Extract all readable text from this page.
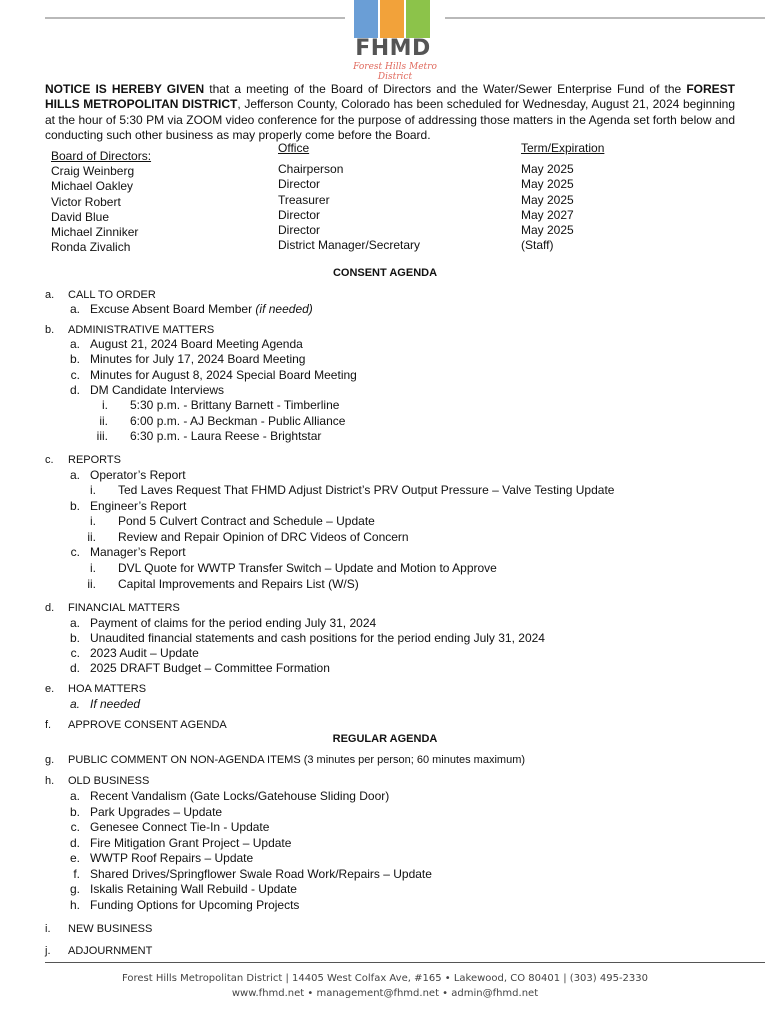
FHMD
Forest Hills Metro District
NOTICE IS HEREBY GIVEN that a meeting of the Board of Directors and the Water/Sewer Enterprise Fund of the FOREST HILLS METROPOLITAN DISTRICT, Jefferson County, Colorado has been scheduled for Wednesday, August 21, 2024 beginning at the hour of 5:30 PM via ZOOM video conference for the purpose of addressing those matters in the Agenda set forth below and conducting such other business as may properly come before the Board.
Board of Directors:
Craig Weinberg
Michael Oakley
Victor Robert
David Blue
Michael Zinniker
Ronda Zivalich
Office
Chairperson
Director
Treasurer
Director
Director
District Manager/Secretary
Term/Expiration
May 2025
May 2025
May 2025
May 2027
May 2025
(Staff)
CONSENT AGENDA
a. CALL TO ORDER
a. Excuse Absent Board Member (if needed)
b. ADMINISTRATIVE MATTERS
a. August 21, 2024 Board Meeting Agenda
b. Minutes for July 17, 2024 Board Meeting
c. Minutes for August 8, 2024 Special Board Meeting
d. DM Candidate Interviews
i. 5:30 p.m. - Brittany Barnett - Timberline
ii. 6:00 p.m. - AJ Beckman - Public Alliance
iii. 6:30 p.m. - Laura Reese - Brightstar
c. REPORTS
a. Operator’s Report
i. Ted Laves Request That FHMD Adjust District’s PRV Output Pressure – Valve Testing Update
b. Engineer’s Report
i. Pond 5 Culvert Contract and Schedule – Update
ii. Review and Repair Opinion of DRC Videos of Concern
c. Manager’s Report
i. DVL Quote for WWTP Transfer Switch – Update and Motion to Approve
ii. Capital Improvements and Repairs List (W/S)
d. FINANCIAL MATTERS
a. Payment of claims for the period ending July 31, 2024
b. Unaudited financial statements and cash positions for the period ending July 31, 2024
c. 2023 Audit – Update
d. 2025 DRAFT Budget – Committee Formation
e. HOA MATTERS
a. If needed
f. APPROVE CONSENT AGENDA
REGULAR AGENDA
g. PUBLIC COMMENT ON NON-AGENDA ITEMS (3 minutes per person; 60 minutes maximum)
h. OLD BUSINESS
a. Recent Vandalism (Gate Locks/Gatehouse Sliding Door)
b. Park Upgrades – Update
c. Genesee Connect Tie-In - Update
d. Fire Mitigation Grant Project – Update
e. WWTP Roof Repairs – Update
f. Shared Drives/Springflower Swale Road Work/Repairs – Update
g. Iskalis Retaining Wall Rebuild - Update
h. Funding Options for Upcoming Projects
i. NEW BUSINESS
j. ADJOURNMENT
Forest Hills Metropolitan District | 14405 West Colfax Ave, #165 • Lakewood, CO 80401 | (303) 495-2330
www.fhmd.net • management@fhmd.net • admin@fhmd.net
